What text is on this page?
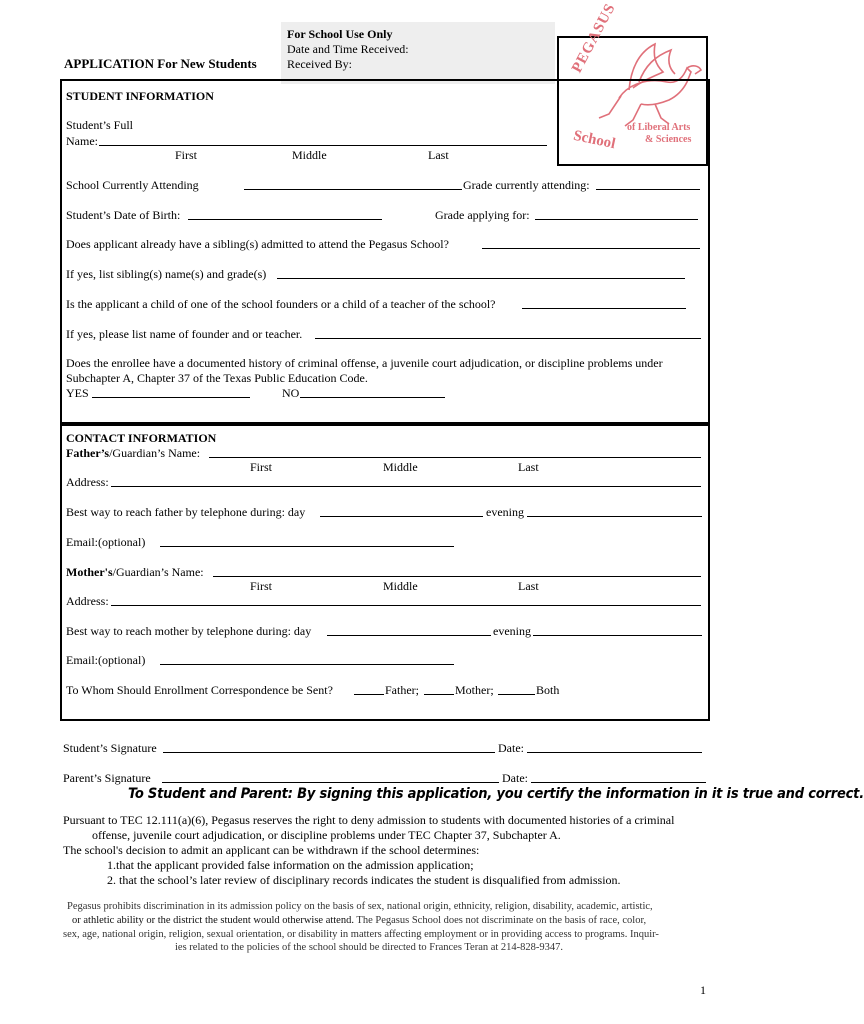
APPLICATION For New Students
For School Use Only
Date and Time Received:
Received By:	PEGASUS
of Liberal Arts
& Sciences
School
STUDENT INFORMATION
Student’s Full
Name:
First	Middle	Last
School Currently Attending	Grade currently attending:
Student’s Date of Birth:	Grade applying for:
Does applicant already have a sibling(s) admitted to attend the Pegasus School?
If yes, list sibling(s) name(s) and grade(s)
Is the applicant a child of one of the school founders or a child of a teacher of the school?
If yes, please list name of founder and or teacher.
Does the enrollee have a documented history of criminal offense, a juvenile court adjudication, or discipline problems under
Subchapter A, Chapter 37 of the Texas Public Education Code.
YES	NO
CONTACT INFORMATION
Father’s/Guardian’s Name:
First	Middle	Last
Address:
Best way to reach father by telephone during: day	evening
Email:(optional)
Mother's/Guardian’s Name:
First	Middle	Last
Address:
Best way to reach mother by telephone during: day	evening
Email:(optional)
To Whom Should Enrollment Correspondence be Sent?	Father;	Mother;	Both
Student’s Signature	Date:
Parent’s Signature	Date:
To Student and Parent: By signing this application, you certify the information in it is true and correct.
Pursuant to TEC 12.111(a)(6), Pegasus reserves the right to deny admission to students with documented histories of a criminal
offense, juvenile court adjudication, or discipline problems under TEC Chapter 37, Subchapter A.
The school's decision to admit an applicant can be withdrawn if the school determines:
1.that the applicant provided false information on the admission application;
2. that the school’s later review of disciplinary records indicates the student is disqualified from admission.
Pegasus prohibits discrimination in its admission policy on the basis of sex, national origin, ethnicity, religion, disability, academic, artistic,
or athletic ability or the district the student would otherwise attend. The Pegasus School does not discriminate on the basis of race, color,
sex, age, national origin, religion, sexual orientation, or disability in matters affecting employment or in providing access to programs. Inquir-
ies related to the policies of the school should be directed to Frances Teran at 214-828-9347.
1
